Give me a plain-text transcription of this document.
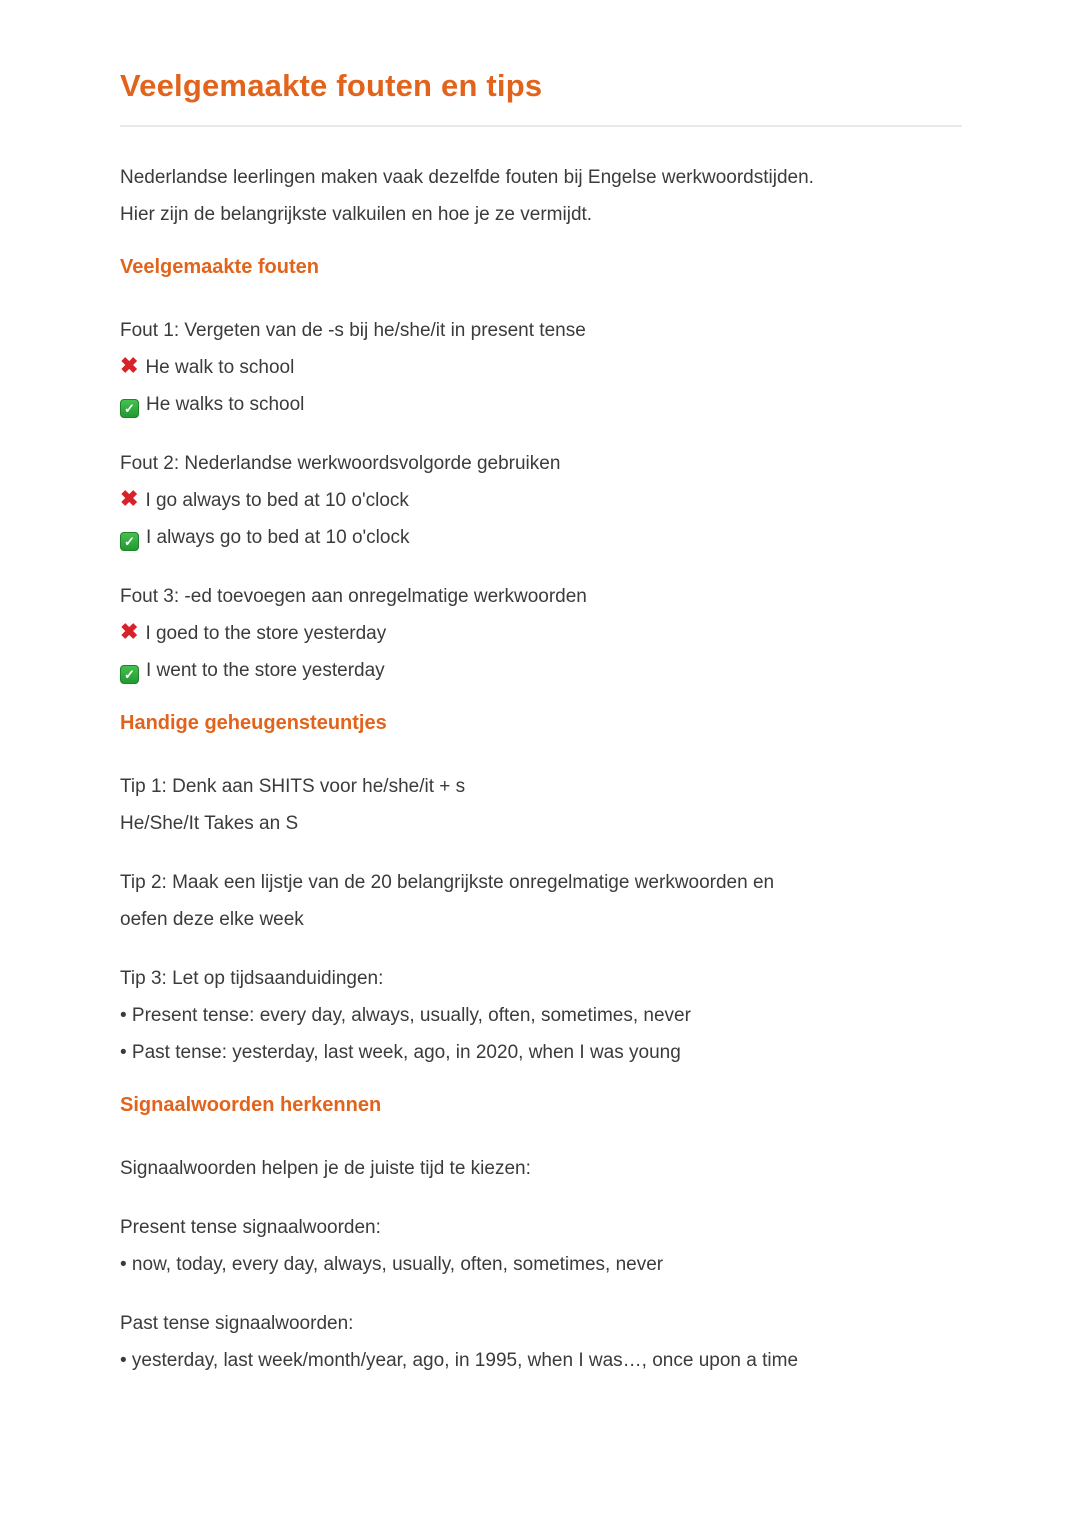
Veelgemaakte fouten en tips
Nederlandse leerlingen maken vaak dezelfde fouten bij Engelse werkwoordstijden.
Hier zijn de belangrijkste valkuilen en hoe je ze vermijdt.
Veelgemaakte fouten
Fout 1: Vergeten van de -s bij he/she/it in present tense
✖ He walk to school
✓ He walks to school
Fout 2: Nederlandse werkwoordsvolgorde gebruiken
✖ I go always to bed at 10 o'clock
✓ I always go to bed at 10 o'clock
Fout 3: -ed toevoegen aan onregelmatige werkwoorden
✖ I goed to the store yesterday
✓ I went to the store yesterday
Handige geheugensteuntjes
Tip 1: Denk aan SHITS voor he/she/it + s
He/She/It Takes an S
Tip 2: Maak een lijstje van de 20 belangrijkste onregelmatige werkwoorden en
oefen deze elke week
Tip 3: Let op tijdsaanduidingen:
• Present tense: every day, always, usually, often, sometimes, never
• Past tense: yesterday, last week, ago, in 2020, when I was young
Signaalwoorden herkennen
Signaalwoorden helpen je de juiste tijd te kiezen:
Present tense signaalwoorden:
• now, today, every day, always, usually, often, sometimes, never
Past tense signaalwoorden:
• yesterday, last week/month/year, ago, in 1995, when I was…, once upon a time
